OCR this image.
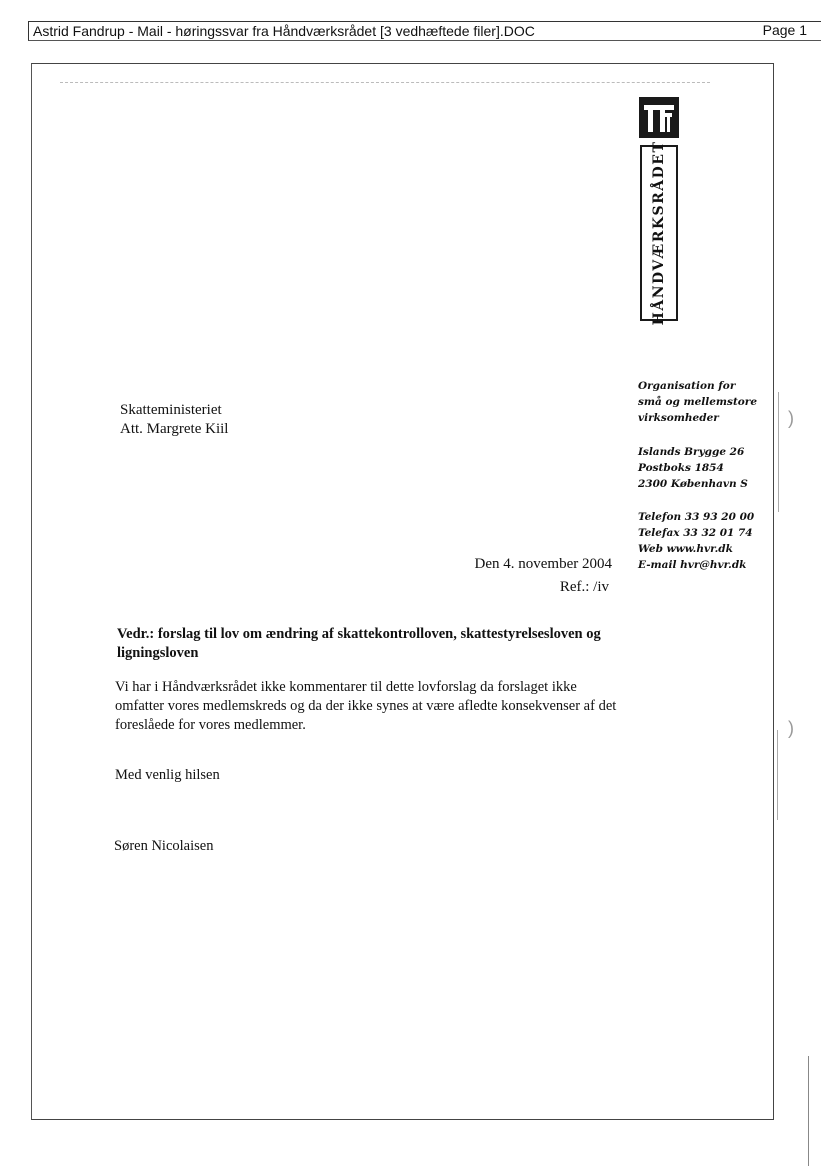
Astrid Fandrup - Mail - høringssvar fra Håndværksrådet [3 vedhæftede filer].DOC	Page 1
)
)
HÅNDVÆRKSRÅDET
Organisation for
små og mellemstore
virksomheder
Islands Brygge 26
Postboks 1854
2300 København S
Telefon 33 93 20 00
Telefax 33 32 01 74
Web www.hvr.dk
E-mail hvr@hvr.dk
Skatteministeriet
Att. Margrete Kiil
Den 4. november 2004
Ref.: /iv
Vedr.: forslag til lov om ændring af skattekontrolloven, skattestyrelsesloven og ligningsloven
Vi har i Håndværksrådet ikke kommentarer til dette lovforslag da forslaget ikke omfatter vores medlemskreds og da der ikke synes at være afledte konsekvenser af det foreslåede for vores medlemmer.
Med venlig hilsen
Søren Nicolaisen
